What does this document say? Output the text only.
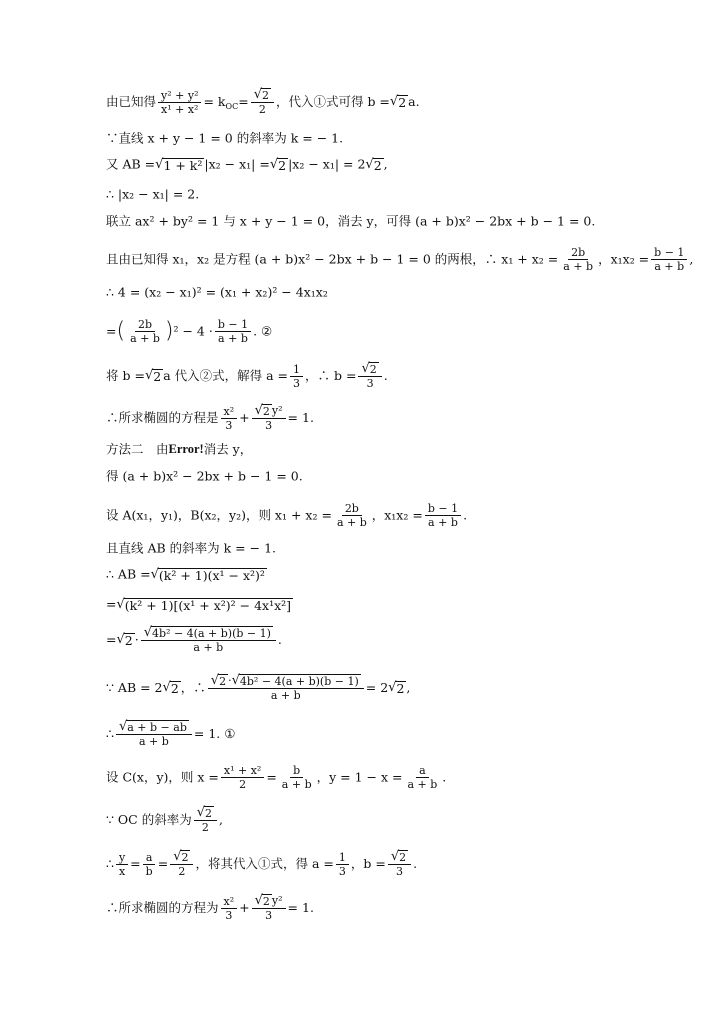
由已知得 $\frac{\text{y² + y²}}{\text{x¹ + x²}} = k_{OC}= \frac{√ 2}{2}$ ，代入①式可得 b = √ 2 a.
∵直线 x + y − 1 = 0 的斜率为 k = − 1.
又 AB = √ 1 + k² |x₂ − x₁| = √ 2 |x₂ − x₁| = 2 √ 2 ,
∴ |x₂ − x₁| = 2.
联立 ax² + by² = 1 与 x + y − 1 = 0，消去 y，可得 (a + b)x² − 2bx + b − 1 = 0.
且由已知得 x₁，x₂ 是方程 (a + b)x² − 2bx + b − 1 = 0 的两根，∴ $x_1 + x_2 = \frac{2b}{a + b}$ ，$x_1x_2 = \frac{b - 1}{a + b}$ ,
∴ 4 = (x₂ − x₁)² = (x₁ + x₂)² − 4x₁x₂
=( $\frac{2b}{a + b} )^2 - 4 \cdot \frac{b - 1}{a + b}$ . ②
将 b = √ 2 a 代入②式，解得 $a = \frac{1}{3}$ ，∴ $b = \frac{√ 2}{3}$ .
∴所求椭圆的方程是 $\frac{\text{x²}}{3} + \frac{\text{√ 2 y²}}{3} = 1$.
方法二　由Error!消去 y，
得 (a + b)x² − 2bx + b − 1 = 0.
设 A(x₁，y₁)，B(x₂，y₂)，则 $x_1 + x_2 = \frac{2b}{a + b}$ ，$x_1x_2 = \frac{b - 1}{a + b}$ .
且直线 AB 的斜率为 k = − 1.
∴ AB = √ (k² + 1)(x¹ − x²)²
= √ (k² + 1)[(x¹ + x²)² − 4x¹x²]
= √ $2 \cdot \frac{\text{√ 4b² − 4(a + b)(b − 1)}}{a + b}$ .
∵ AB = 2 √ 2 ，∴ $\frac{\text{√ 2 · √ 4b² − 4(a + b)(b − 1)}}{a + b} = 2$ √ 2 ,
∴ $\frac{√ a + b - ab}{a + b} = 1$. ①
设 C(x，y)，则 $x = \frac{\text{x¹ + x²}}{2} = \frac{b}{a + b}$ ，$y = 1 - x = \frac{a}{a + b}$ .
∵ OC 的斜率为 $\frac{√ 2}{2}$ ,
∴ $\frac{y}{x} = \frac{a}{b} = \frac{√ 2}{2}$ ，将其代入①式，得 $a = \frac{1}{3}$ ，$b = \frac{√ 2}{3}$ .
∴所求椭圆的方程为 $\frac{\text{x²}}{3} + \frac{\text{√ 2 y²}}{3} = 1$.
